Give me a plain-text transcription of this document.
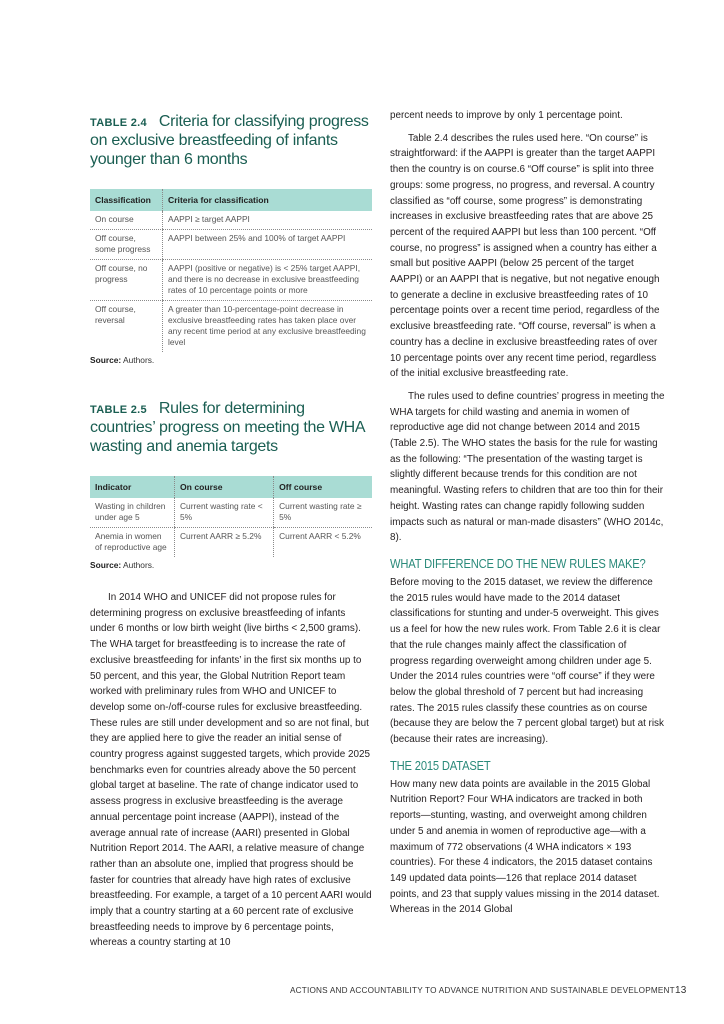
TABLE 2.4 Criteria for classifying progress on exclusive breastfeeding of infants younger than 6 months
Classification	Criteria for classification
On course	AAPPI ≥ target AAPPI
Off course, some progress	AAPPI between 25% and 100% of target AAPPI
Off course, no progress	AAPPI (positive or negative) is < 25% target AAPPI, and there is no decrease in exclusive breastfeeding rates of 10 percentage points or more
Off course, reversal	A greater than 10-percentage-point decrease in exclusive breastfeeding rates has taken place over any recent time period at any exclusive breastfeeding level
Source: Authors.
TABLE 2.5 Rules for determining countries’ progress on meeting the WHA wasting and anemia targets
Indicator	On course	Off course
Wasting in children under age 5	Current wasting rate < 5%	Current wasting rate ≥ 5%
Anemia in women of reproductive age	Current AARR ≥ 5.2%	Current AARR < 5.2%
Source: Authors.

In 2014 WHO and UNICEF did not propose rules for determining progress on exclusive breastfeeding of infants under 6 months or low birth weight (live births < 2,500 grams). The WHA target for breastfeeding is to increase the rate of exclusive breastfeeding for infants’ in the first six months up to 50 percent, and this year, the Global Nutrition Report team worked with preliminary rules from WHO and UNICEF to develop some on-/off-course rules for exclusive breastfeeding. These rules are still under development and so are not final, but they are applied here to give the reader an initial sense of country progress against suggested targets, which provide 2025 benchmarks even for countries already above the 50 percent global target at baseline. The rate of change indicator used to assess progress in exclusive breastfeeding is the average annual percentage point increase (AAPPI), instead of the average annual rate of increase (AARI) presented in Global Nutrition Report 2014. The AARI, a relative measure of change rather than an absolute one, implied that progress should be faster for countries that already have high rates of exclusive breastfeeding. For example, a target of a 10 percent AARI would imply that a country starting at a 60 percent rate of exclusive breastfeeding needs to improve by 6 percentage points, whereas a country starting at 10

percent needs to improve by only 1 percentage point.

Table 2.4 describes the rules used here. “On course” is straightforward: if the AAPPI is greater than the target AAPPI then the country is on course.6 “Off course” is split into three groups: some progress, no progress, and reversal. A country classified as “off course, some progress” is demonstrating increases in exclusive breastfeeding rates that are above 25 percent of the required AAPPI but less than 100 percent. “Off course, no progress” is assigned when a country has either a small but positive AAPPI (below 25 percent of the target AAPPI) or an AAPPI that is negative, but not negative enough to generate a decline in exclusive breastfeeding rates of 10 percentage points over a recent time period, regardless of the exclusive breastfeeding rate. “Off course, reversal” is when a country has a decline in exclusive breastfeeding rates of over 10 percentage points over any recent time period, regardless of the initial exclusive breastfeeding rate.

The rules used to define countries’ progress in meeting the WHA targets for child wasting and anemia in women of reproductive age did not change between 2014 and 2015 (Table 2.5). The WHO states the basis for the rule for wasting as the following: “The presentation of the wasting target is slightly different because trends for this condition are not meaningful. Wasting refers to children that are too thin for their height. Wasting rates can change rapidly following sudden impacts such as natural or man-made disasters” (WHO 2014c, 8).

WHAT DIFFERENCE DO THE NEW RULES MAKE?

Before moving to the 2015 dataset, we review the difference the 2015 rules would have made to the 2014 dataset classifications for stunting and under-5 overweight. This gives us a feel for how the new rules work. From Table 2.6 it is clear that the rule changes mainly affect the classification of progress regarding overweight among children under age 5. Under the 2014 rules countries were “off course” if they were below the global threshold of 7 percent but had increasing rates. The 2015 rules classify these countries as on course (because they are below the 7 percent global target) but at risk (because their rates are increasing).

THE 2015 DATASET

How many new data points are available in the 2015 Global Nutrition Report? Four WHA indicators are tracked in both reports—stunting, wasting, and overweight among children under 5 and anemia in women of reproductive age—with a maximum of 772 observations (4 WHA indicators × 193 countries). For these 4 indicators, the 2015 dataset contains 149 updated data points—126 that replace 2014 dataset points, and 23 that supply values missing in the 2014 dataset. Whereas in the 2014 Global

ACTIONS AND ACCOUNTABILITY TO ADVANCE NUTRITION AND SUSTAINABLE DEVELOPMENT 13
